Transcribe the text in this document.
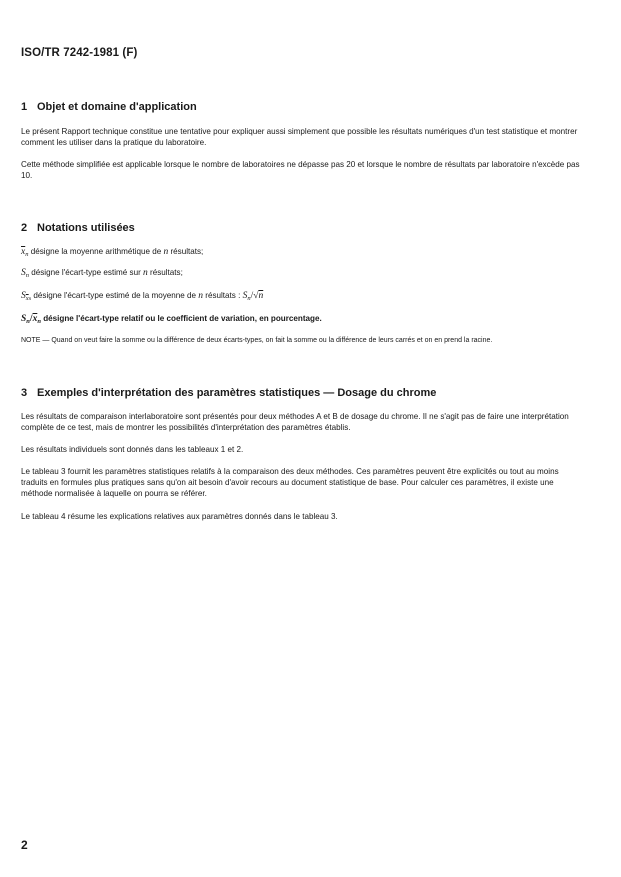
ISO/TR 7242-1981 (F)
1 Objet et domaine d'application

Le présent Rapport technique constitue une tentative pour expliquer aussi simplement que possible les résultats numériques d'un test statistique et montrer comment les utiliser dans la pratique du laboratoire.

Cette méthode simplifiée est applicable lorsque le nombre de laboratoires ne dépasse pas 20 et lorsque le nombre de résultats par laboratoire n'excède pas 10.

2 Notations utilisées

$\overline{x}_n$ désigne la moyenne arithmétique de n résultats;

$S_n$ désigne l'écart-type estimé sur n résultats;

$S_{\overline{x}n}$ désigne l'écart-type estimé de la moyenne de n résultats : $S_n/√n$

$S_n/\overline{x}_n$ désigne l'écart-type relatif ou le coefficient de variation, en pourcentage.

NOTE — Quand on veut faire la somme ou la différence de deux écarts-types, on fait la somme ou la différence de leurs carrés et on en prend la racine.

3 Exemples d'interprétation des paramètres statistiques — Dosage du chrome

Les résultats de comparaison interlaboratoire sont présentés pour deux méthodes A et B de dosage du chrome. Il ne s'agit pas de faire une interprétation complète de ce test, mais de montrer les possibilités d'interprétation des paramètres établis.

Les résultats individuels sont donnés dans les tableaux 1 et 2.

Le tableau 3 fournit les paramètres statistiques relatifs à la comparaison des deux méthodes. Ces paramètres peuvent être explicités ou tout au moins traduits en formules plus pratiques sans qu'on ait besoin d'avoir recours au document statistique de base. Pour calculer ces paramètres, il existe une méthode normalisée à laquelle on pourra se référer.

Le tableau 4 résume les explications relatives aux paramètres donnés dans le tableau 3.

2
